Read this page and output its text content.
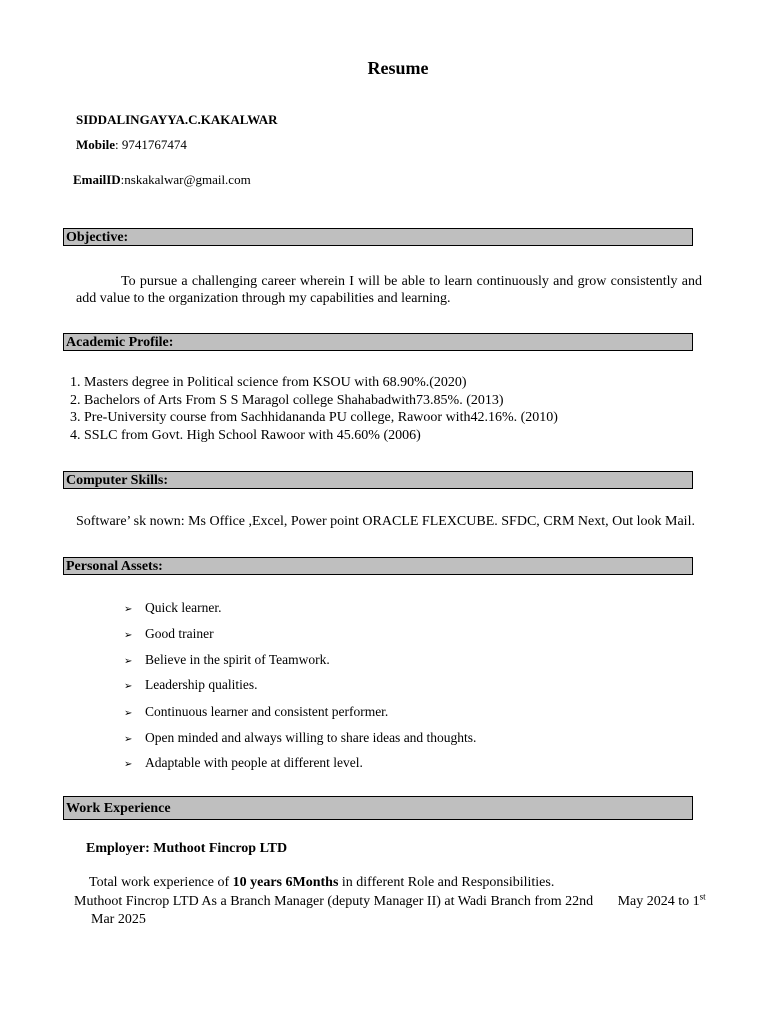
Resume
SIDDALINGAYYA.C.KAKALWAR
Mobile: 9741767474
EmailID:nskakalwar@gmail.com
Objective:
To pursue a challenging career wherein I will be able to learn continuously and grow consistently and add value to the organization through my capabilities and learning.
Academic Profile:
1. Masters degree in Political science from KSOU with 68.90%.(2020)
2. Bachelors of Arts From S S Maragol college Shahabadwith73.85%. (2013)
3. Pre-University course from Sachhidananda PU college, Rawoor with42.16%. (2010)
4. SSLC from Govt. High School Rawoor with 45.60% (2006)
Computer Skills:
Software’ sk nown: Ms Office ,Excel, Power point ORACLE FLEXCUBE. SFDC, CRM Next, Out look Mail.
Personal Assets:
➢ Quick learner.
➢ Good trainer
➢ Believe in the spirit of Teamwork.
➢ Leadership qualities.
➢ Continuous learner and consistent performer.
➢ Open minded and always willing to share ideas and thoughts.
➢ Adaptable with people at different level.
Work Experience
Employer: Muthoot Fincrop LTD
Total work experience of 10 years 6Months in different Role and Responsibilities.
Muthoot Fincrop LTD As a Branch Manager (deputy Manager II) at Wadi Branch from 22nd       May 2024 to 1st
Mar 2025
